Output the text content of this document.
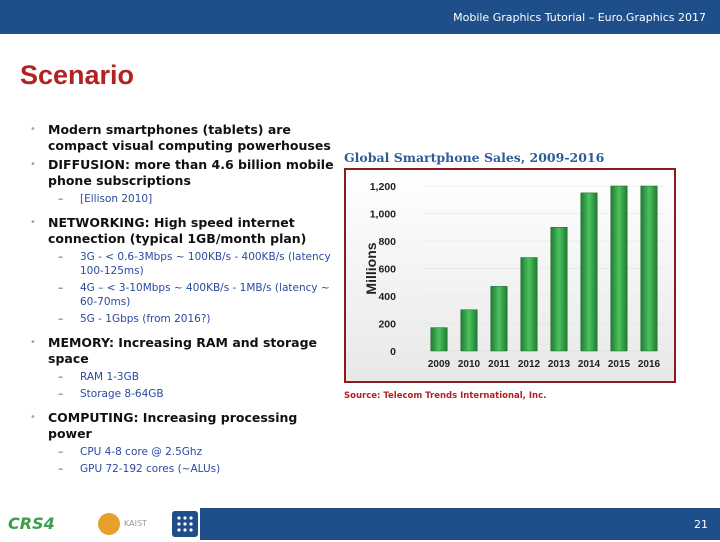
Mobile Graphics Tutorial – Euro.Graphics 2017
Scenario
• Modern smartphones (tablets) are compact visual computing powerhouses
• DIFFUSION: more than 4.6 billion mobile phone subscriptions
– [Ellison 2010]
• NETWORKING: High speed internet connection (typical 1GB/month plan)
– 3G - < 0.6-3Mbps ~ 100KB/s - 400KB/s (latency 100-125ms)
– 4G – < 3-10Mbps ~ 400KB/s - 1MB/s (latency ~ 60-70ms)
– 5G - 1Gbps (from 2016?)
• MEMORY: Increasing RAM and storage space
– RAM 1-3GB
– Storage 8-64GB
• COMPUTING: Increasing processing power
– CPU 4-8 core @ 2.5Ghz
– GPU 72-192 cores (~ALUs)
Global Smartphone Sales, 2009-2016
Millions
0
200
400
600
800
1,000
1,200
2009 2010 2011 2012 2013 2014 2015 2016
Source: Telecom Trends International, Inc.
21
CRS4	KAIST
